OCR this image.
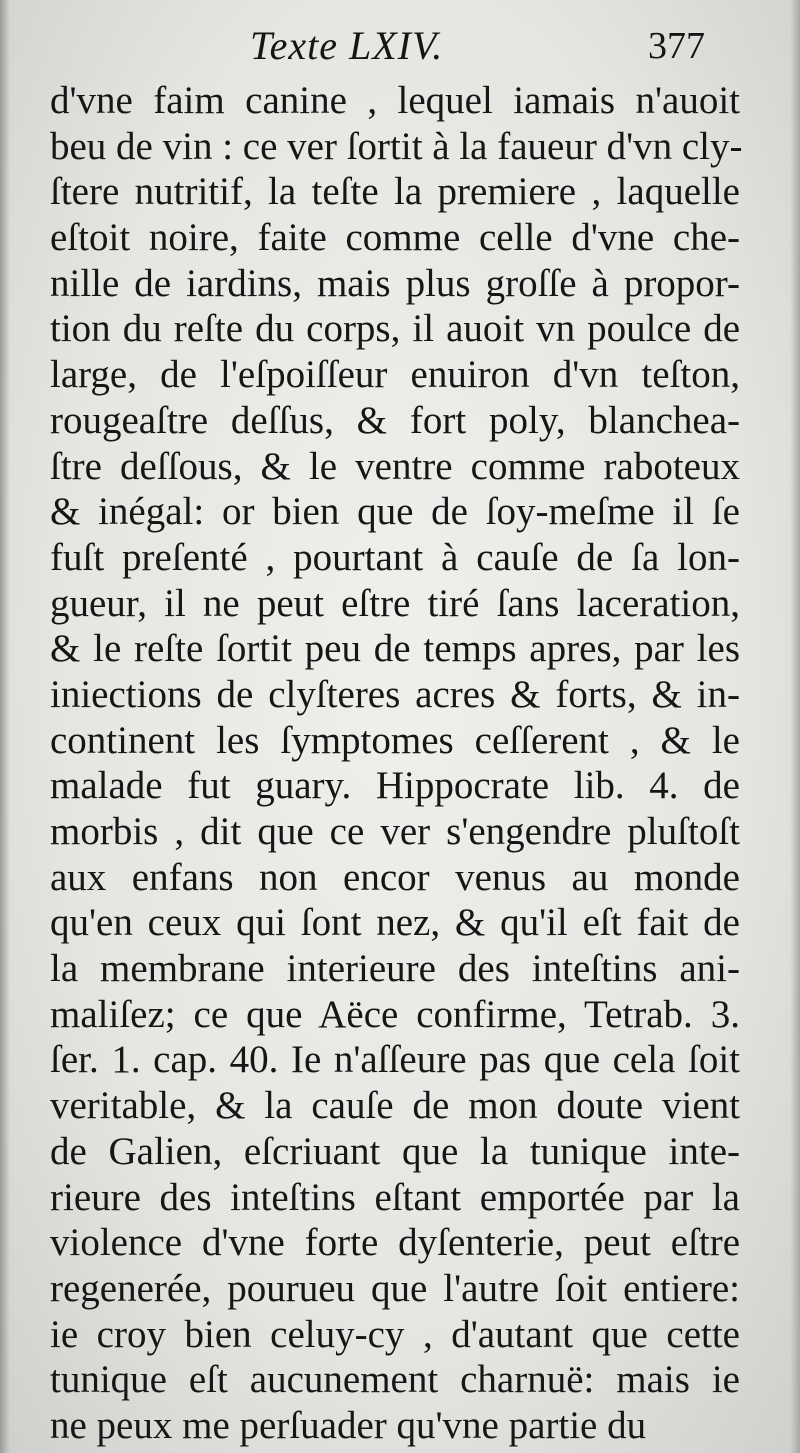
Texte LXIV.	377
d'vne faim canine , lequel iamais n'auoit
beu de vin : ce ver ſortit à la faueur d'vn cly-
ſtere nutritif, la teſte la premiere , laquelle
eſtoit noire, faite comme celle d'vne che-
nille de iardins, mais plus groſſe à propor-
tion du reſte du corps, il auoit vn poulce de
large, de l'eſpoiſſeur enuiron d'vn teſton,
rougeaſtre deſſus, & fort poly, blanchea-
ſtre deſſous, & le ventre comme raboteux
& inégal: or bien que de ſoy-meſme il ſe
fuſt preſenté , pourtant à cauſe de ſa lon-
gueur, il ne peut eſtre tiré ſans laceration,
& le reſte ſortit peu de temps apres, par les
iniections de clyſteres acres & forts, & in-
continent les ſymptomes ceſſerent , & le
malade fut guary. Hippocrate lib. 4. de
morbis , dit que ce ver s'engendre pluſtoſt
aux enfans non encor venus au monde
qu'en ceux qui ſont nez, & qu'il eſt fait de
la membrane interieure des inteſtins ani-
maliſez; ce que Aëce confirme, Tetrab. 3.
ſer. 1. cap. 40. Ie n'aſſeure pas que cela ſoit
veritable, & la cauſe de mon doute vient
de Galien, eſcriuant que la tunique inte-
rieure des inteſtins eſtant emportée par la
violence d'vne forte dyſenterie, peut eſtre
regenerée, pourueu que l'autre ſoit entiere:
ie croy bien celuy-cy , d'autant que cette
tunique eſt aucunement charnuë: mais ie
ne peux me perſuader qu'vne partie du
